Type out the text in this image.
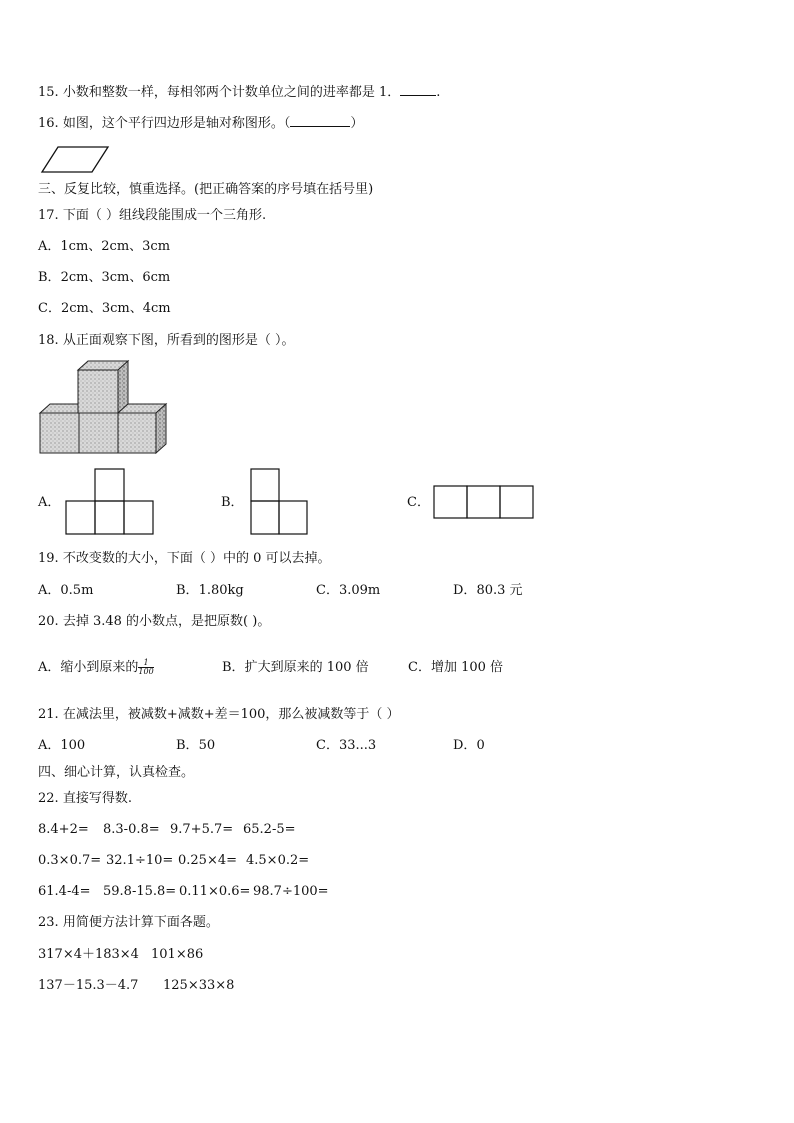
15. 小数和整数一样，每相邻两个计数单位之间的进率都是 1．	.
16. 如图，这个平行四边形是轴对称图形。（	）
三、反复比较，慎重选择。(把正确答案的序号填在括号里)
17. 下面（ ）组线段能围成一个三角形.
A．1cm、2cm、3cm
B．2cm、3cm、6cm
C．2cm、3cm、4cm
18. 从正面观察下图，所看到的图形是（ ）。
A．	B．	C．
19. 不改变数的大小，下面（ ）中的 0 可以去掉。
A．0.5m	B．1.80kg	C．3.09m	D．80.3 元
20. 去掉 3.48 的小数点，是把原数( )。
A．缩小到原来的 $\frac{1}{100}$	B．扩大到原来的 100 倍	C．增加 100 倍
21. 在减法里，被减数+减数+差＝100，那么被减数等于（ ）
A．100	B．50	C．33...3	D．0
四、细心计算，认真检查。
22. 直接写得数.
8.4+2= 8.3-0.8= 9.7+5.7= 65.2-5=
0.3×0.7= 32.1÷10= 0.25×4= 4.5×0.2=
61.4-4= 59.8-15.8= 0.11×0.6= 98.7÷100=
23. 用简便方法计算下面各题。
317×4＋183×4 101×86
137－15.3－4.7 125×33×8
